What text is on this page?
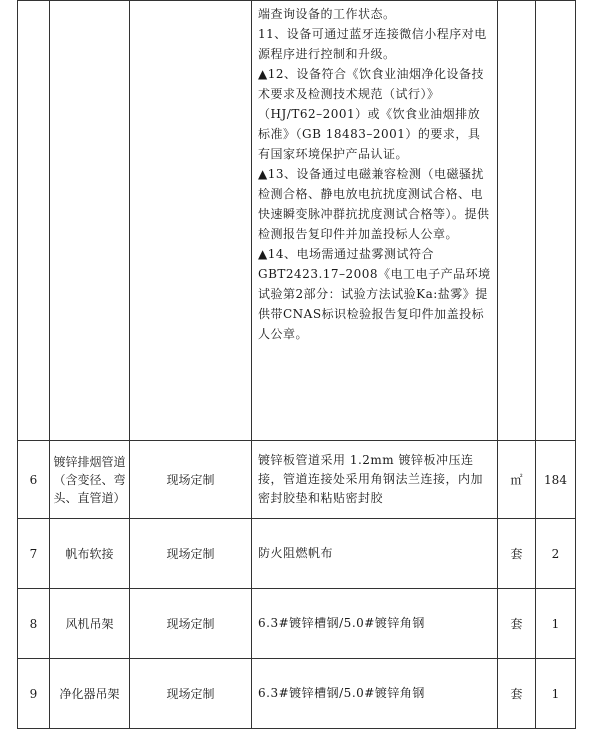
			端查询设备的工作状态。

11、设备可通过蓝牙连接微信小程序对电源程序进行控制和升级。

▲12、设备符合《饮食业油烟净化设备技术要求及检测技术规范（试行）》（HJ/T62–2001）或《饮食业油烟排放标准》（GB 18483–2001）的要求，具有国家环境保护产品认证。

▲13、设备通过电磁兼容检测（电磁骚扰检测合格、静电放电抗扰度测试合格、电快速瞬变脉冲群抗扰度测试合格等）。提供检测报告复印件并加盖投标人公章。

▲14、电场需通过盐雾测试符合GBT2423.17–2008《电工电子产品环境试验第2部分：试验方法试验Ka:盐雾》提供带CNAS标识检验报告复印件加盖投标人公章。		

6	镀锌排烟管道（含变径、弯头、直管道）	现场定制	镀锌板管道采用 1.2mm 镀锌板冲压连接，管道连接处采用角钢法兰连接，内加密封胶垫和粘贴密封胶	㎡	184
7	帆布软接	现场定制	防火阻燃帆布	套	2
8	风机吊架	现场定制	6.3#镀锌槽钢/5.0#镀锌角钢	套	1
9	净化器吊架	现场定制	6.3#镀锌槽钢/5.0#镀锌角钢	套	1
